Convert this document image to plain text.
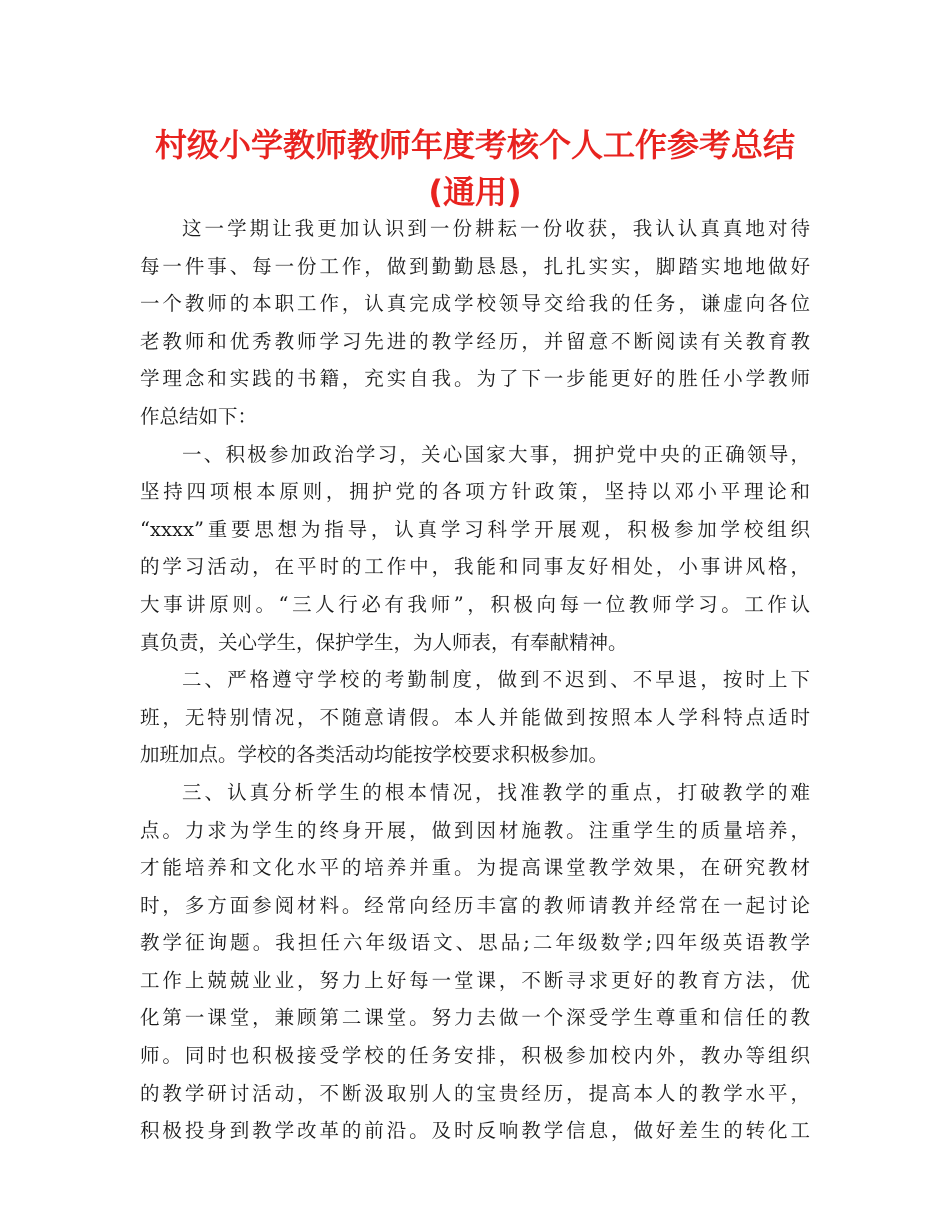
村级小学教师教师年度考核个人工作参考总结
(通用)
这一学期让我更加认识到一份耕耘一份收获，我认认真真地对待
每一件事、每一份工作，做到勤勤恳恳，扎扎实实，脚踏实地地做好
一个教师的本职工作，认真完成学校领导交给我的任务，谦虚向各位
老教师和优秀教师学习先进的教学经历，并留意不断阅读有关教育教
学理念和实践的书籍，充实自我。为了下一步能更好的胜任小学教师
作总结如下：
一、积极参加政治学习，关心国家大事，拥护党中央的正确领导，
坚持四项根本原则，拥护党的各项方针政策，坚持以邓小平理论和
“xxxx”重要思想为指导，认真学习科学开展观，积极参加学校组织
的学习活动，在平时的工作中，我能和同事友好相处，小事讲风格，
大事讲原则。“三人行必有我师”，积极向每一位教师学习。工作认
真负责，关心学生，保护学生，为人师表，有奉献精神。
二、严格遵守学校的考勤制度，做到不迟到、不早退，按时上下
班，无特别情况，不随意请假。本人并能做到按照本人学科特点适时
加班加点。学校的各类活动均能按学校要求积极参加。
三、认真分析学生的根本情况，找准教学的重点，打破教学的难
点。力求为学生的终身开展，做到因材施教。注重学生的质量培养，
才能培养和文化水平的培养并重。为提高课堂教学效果，在研究教材
时，多方面参阅材料。经常向经历丰富的教师请教并经常在一起讨论
教学征询题。我担任六年级语文、思品;二年级数学;四年级英语教学
工作上兢兢业业，努力上好每一堂课，不断寻求更好的教育方法，优
化第一课堂，兼顾第二课堂。努力去做一个深受学生尊重和信任的教
师。同时也积极接受学校的任务安排，积极参加校内外，教办等组织
的教学研讨活动，不断汲取别人的宝贵经历，提高本人的教学水平，
积极投身到教学改革的前沿。及时反响教学信息，做好差生的转化工
